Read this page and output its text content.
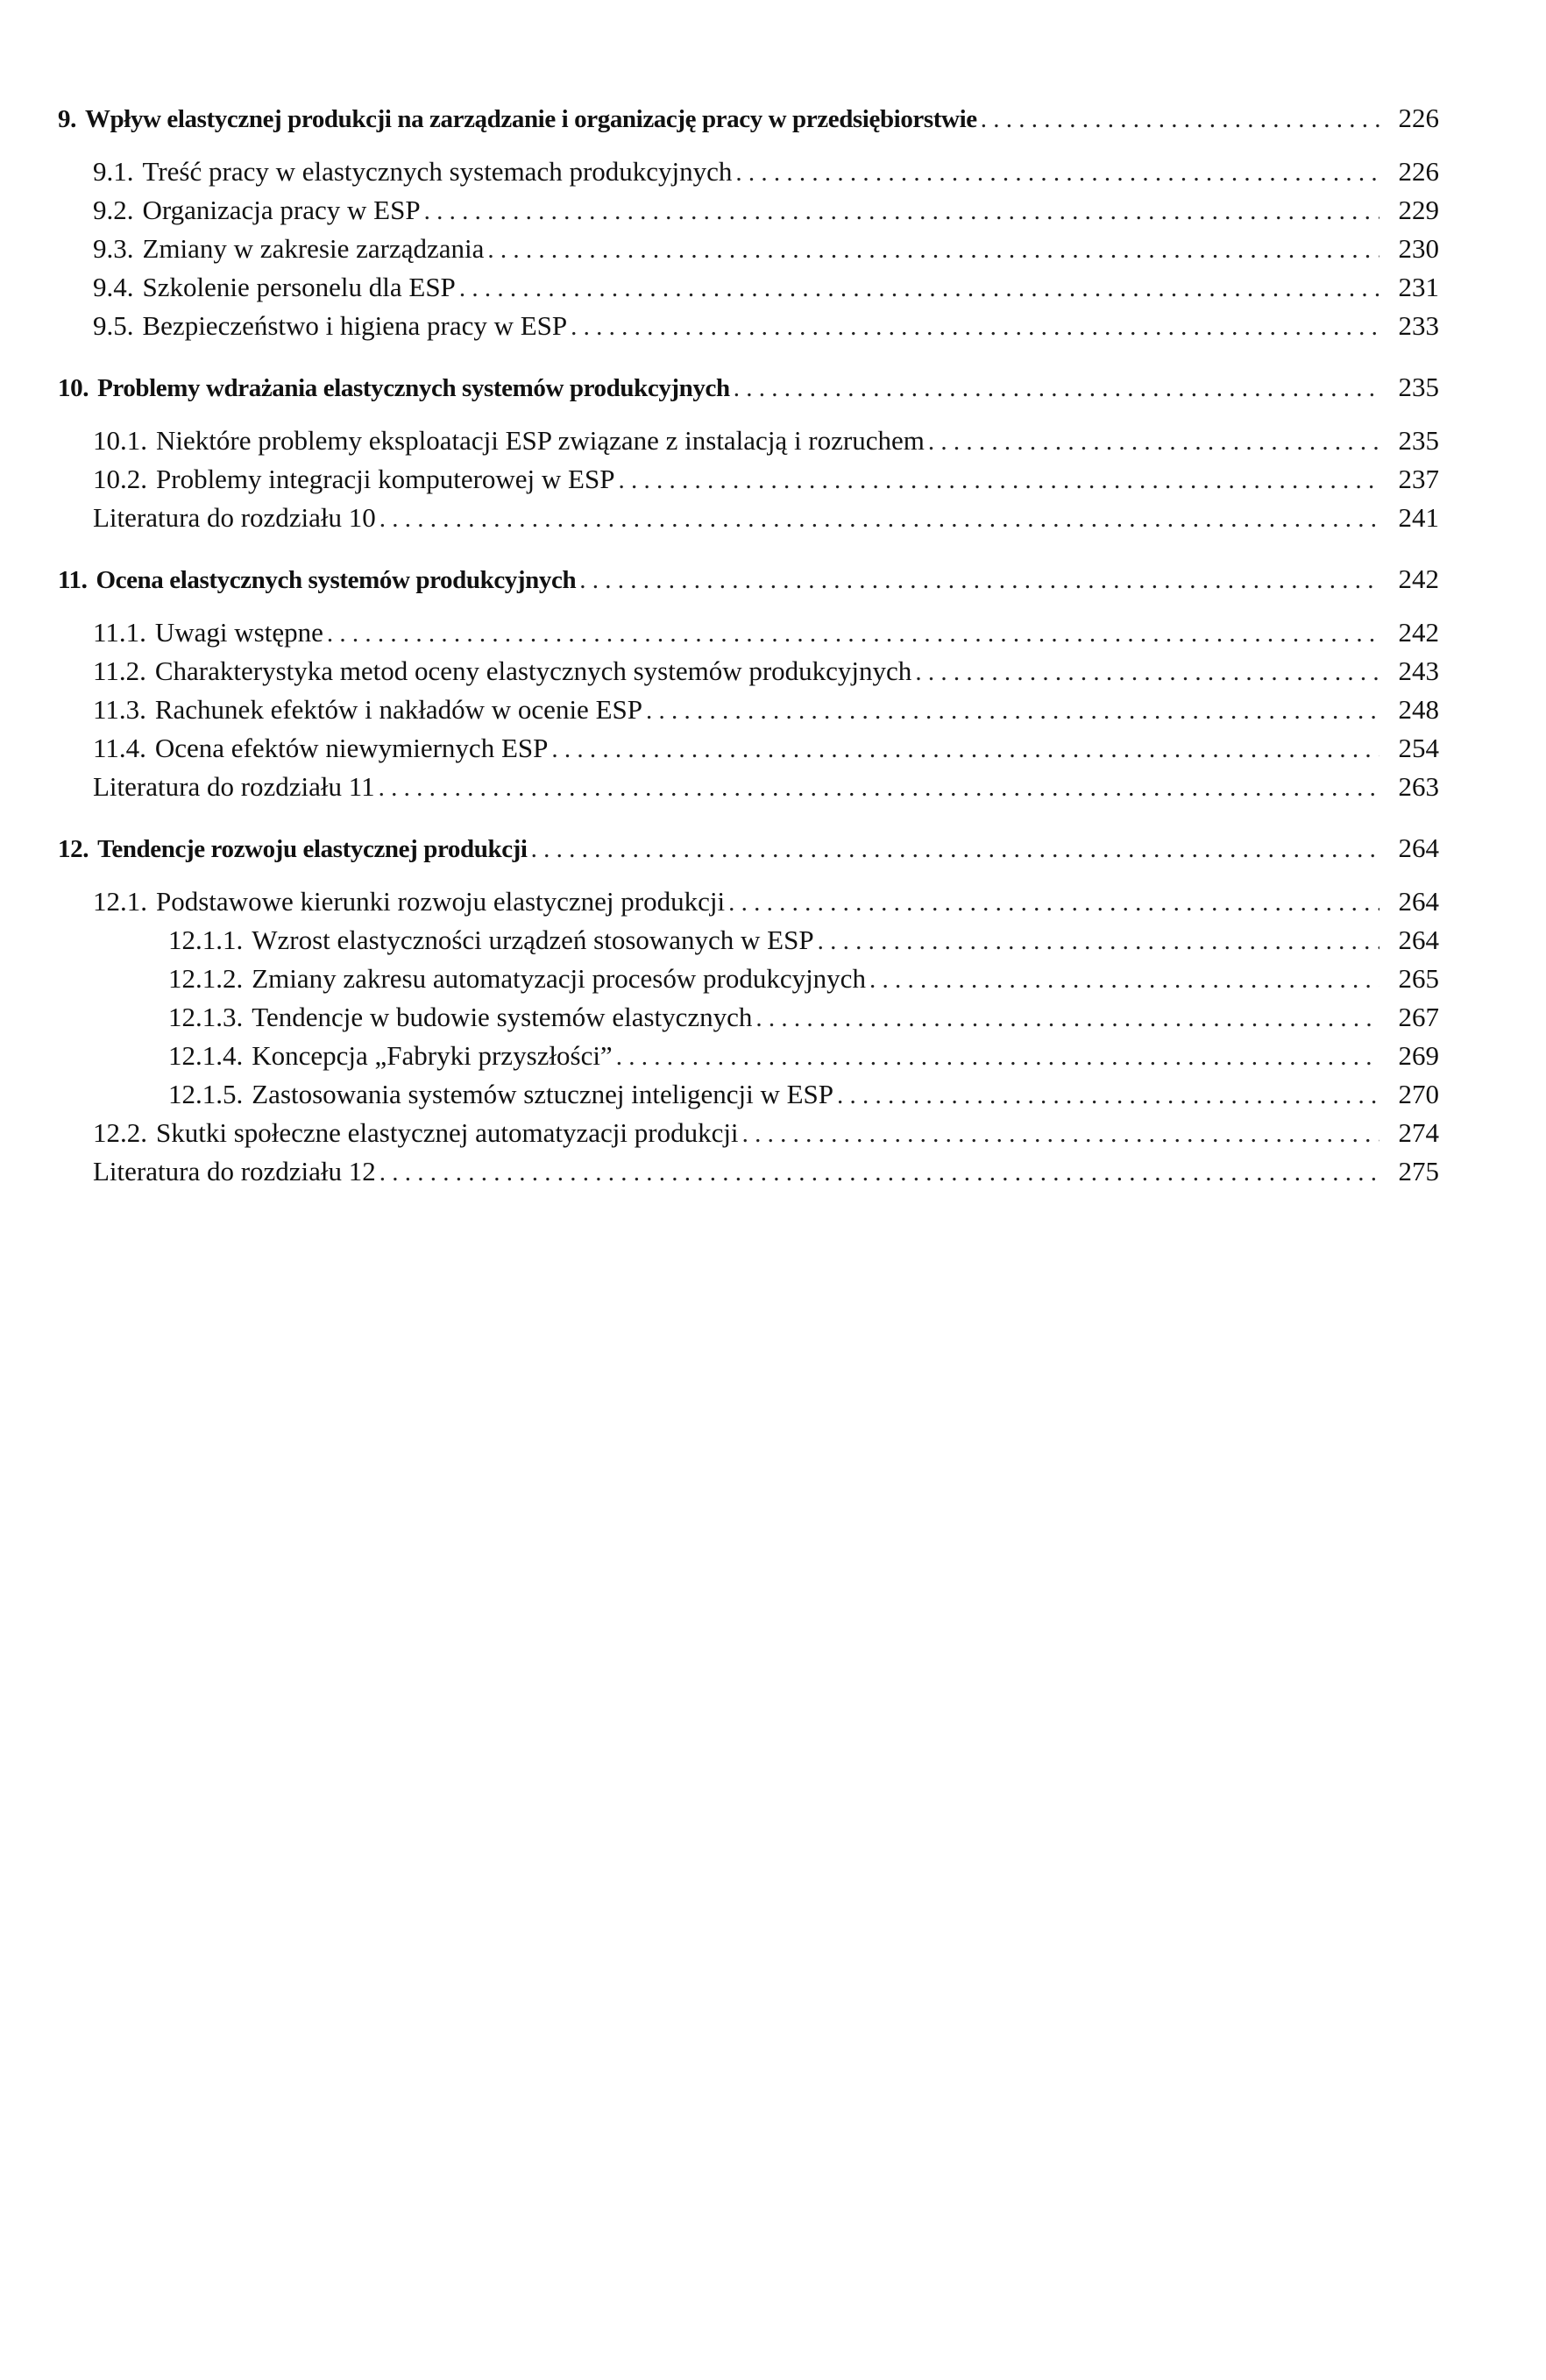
9. Wpływ elastycznej produkcji na zarządzanie i organizację pracy w przedsiębiorstwie . . .	226
9.1. Treść pracy w elastycznych systemach produkcyjnych . . .	226
9.2. Organizacja pracy w ESP . . .	229
9.3. Zmiany w zakresie zarządzania . . .	230
9.4. Szkolenie personelu dla ESP . . .	231
9.5. Bezpieczeństwo i higiena pracy w ESP . . .	233
10. Problemy wdrażania elastycznych systemów produkcyjnych . . .	235
10.1. Niektóre problemy eksploatacji ESP związane z instalacją i rozruchem . . .	235
10.2. Problemy integracji komputerowej w ESP . . .	237
Literatura do rozdziału 10 . . .	241
11. Ocena elastycznych systemów produkcyjnych . . .	242
11.1. Uwagi wstępne . . .	242
11.2. Charakterystyka metod oceny elastycznych systemów produkcyjnych . . .	243
11.3. Rachunek efektów i nakładów w ocenie ESP . . .	248
11.4. Ocena efektów niewymiernych ESP . . .	254
Literatura do rozdziału 11 . . .	263
12. Tendencje rozwoju elastycznej produkcji . . .	264
12.1. Podstawowe kierunki rozwoju elastycznej produkcji . . .	264
12.1.1. Wzrost elastyczności urządzeń stosowanych w ESP . . .	264
12.1.2. Zmiany zakresu automatyzacji procesów produkcyjnych . . .	265
12.1.3. Tendencje w budowie systemów elastycznych . . .	267
12.1.4. Koncepcja „Fabryki przyszłości” . . .	269
12.1.5. Zastosowania systemów sztucznej inteligencji w ESP . . .	270
12.2. Skutki społeczne elastycznej automatyzacji produkcji . . .	274
Literatura do rozdziału 12 . . .	275
